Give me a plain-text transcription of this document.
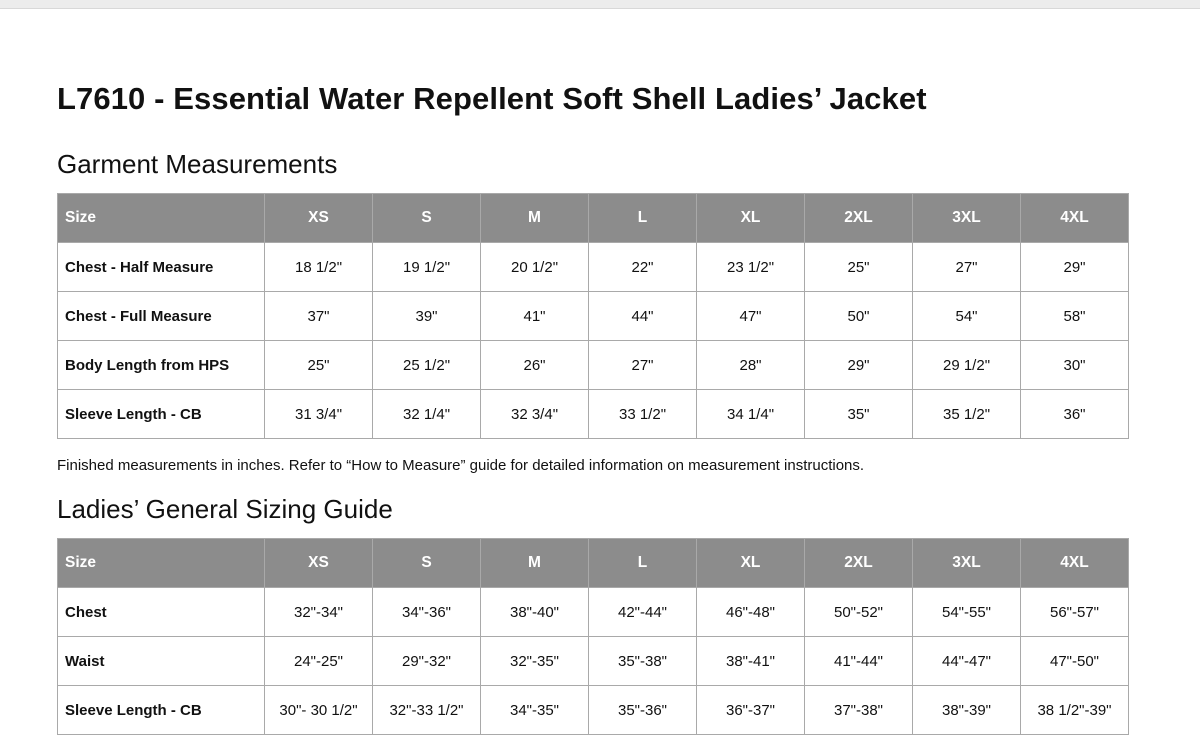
L7610 - Essential Water Repellent Soft Shell Ladies’ Jacket
Garment Measurements
Size	XS	S	M	L	XL	2XL	3XL	4XL
Chest - Half Measure	18 1/2"	19 1/2"	20 1/2"	22"	23 1/2"	25"	27"	29"
Chest - Full Measure	37"	39"	41"	44"	47"	50"	54"	58"
Body Length from HPS	25"	25 1/2"	26"	27"	28"	29"	29 1/2"	30"
Sleeve Length - CB	31 3/4"	32 1/4"	32 3/4"	33 1/2"	34 1/4"	35"	35 1/2"	36"
Finished measurements in inches. Refer to “How to Measure” guide for detailed information on measurement instructions.
Ladies’ General Sizing Guide
Size	XS	S	M	L	XL	2XL	3XL	4XL
Chest	32"-34"	34"-36"	38"-40"	42"-44"	46"-48"	50"-52"	54"-55"	56"-57"
Waist	24"-25"	29"-32"	32"-35"	35"-38"	38"-41"	41"-44"	44"-47"	47"-50"
Sleeve Length - CB	30"- 30 1/2"	32"-33 1/2"	34"-35"	35"-36"	36"-37"	37"-38"	38"-39"	38 1/2"-39"
